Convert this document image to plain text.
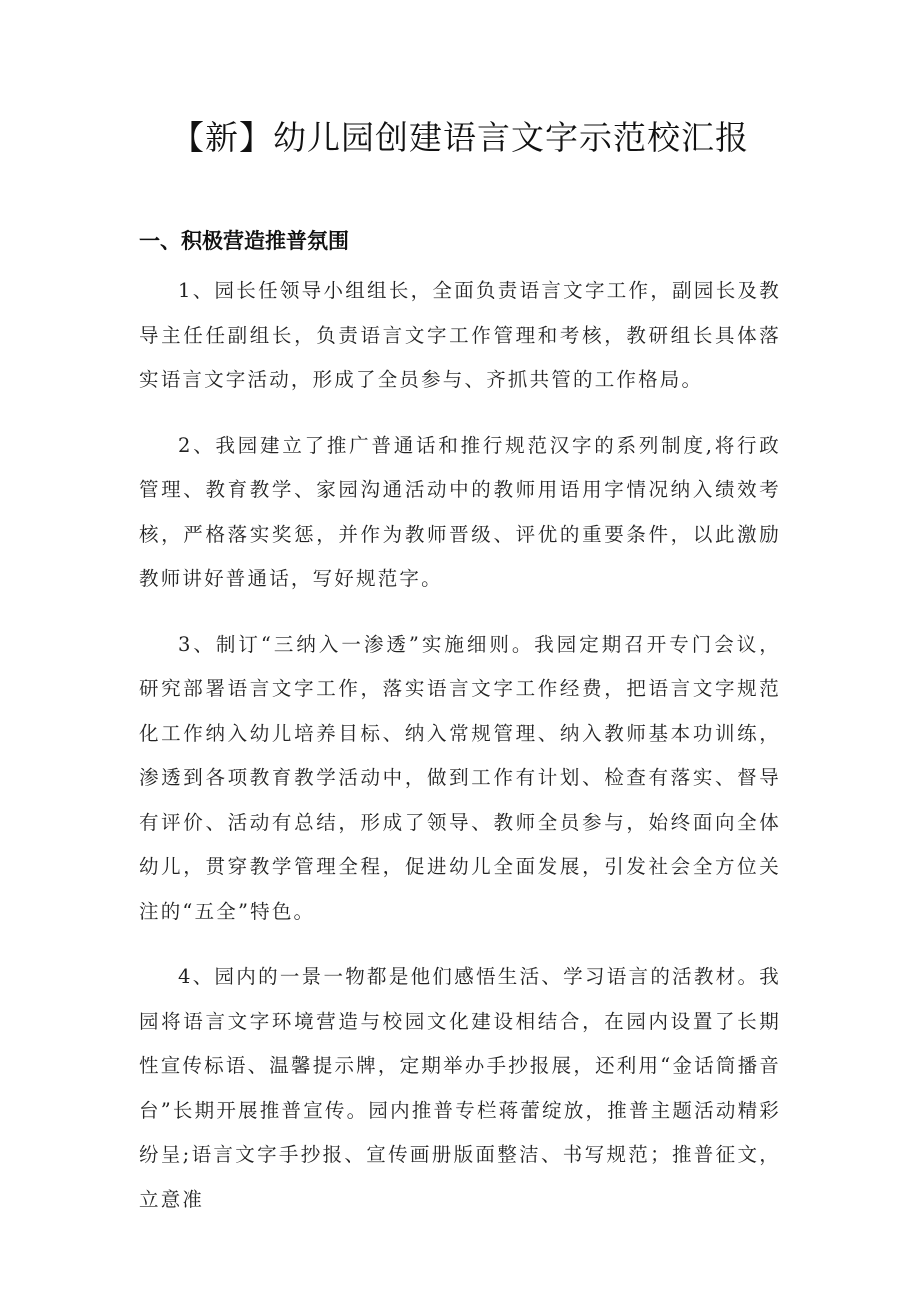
【新】幼儿园创建语言文字示范校汇报
一、积极营造推普氛围

1、园长任领导小组组长，全面负责语言文字工作，副园长及教导主任任副组长，负责语言文字工作管理和考核，教研组长具体落实语言文字活动，形成了全员参与、齐抓共管的工作格局。

2、我园建立了推广普通话和推行规范汉字的系列制度,将行政管理、教育教学、家园沟通活动中的教师用语用字情况纳入绩效考核，严格落实奖惩，并作为教师晋级、评优的重要条件，以此激励教师讲好普通话，写好规范字。

3、制订“三纳入一渗透”实施细则。我园定期召开专门会议，研究部署语言文字工作，落实语言文字工作经费，把语言文字规范化工作纳入幼儿培养目标、纳入常规管理、纳入教师基本功训练，渗透到各项教育教学活动中，做到工作有计划、检查有落实、督导有评价、活动有总结，形成了领导、教师全员参与，始终面向全体幼儿，贯穿教学管理全程，促进幼儿全面发展，引发社会全方位关注的“五全”特色。

4、园内的一景一物都是他们感悟生活、学习语言的活教材。我园将语言文字环境营造与校园文化建设相结合，在园内设置了长期性宣传标语、温馨提示牌，定期举办手抄报展，还利用“金话筒播音台”长期开展推普宣传。园内推普专栏蒋蕾绽放，推普主题活动精彩纷呈;语言文字手抄报、宣传画册版面整洁、书写规范；推普征文，立意准
